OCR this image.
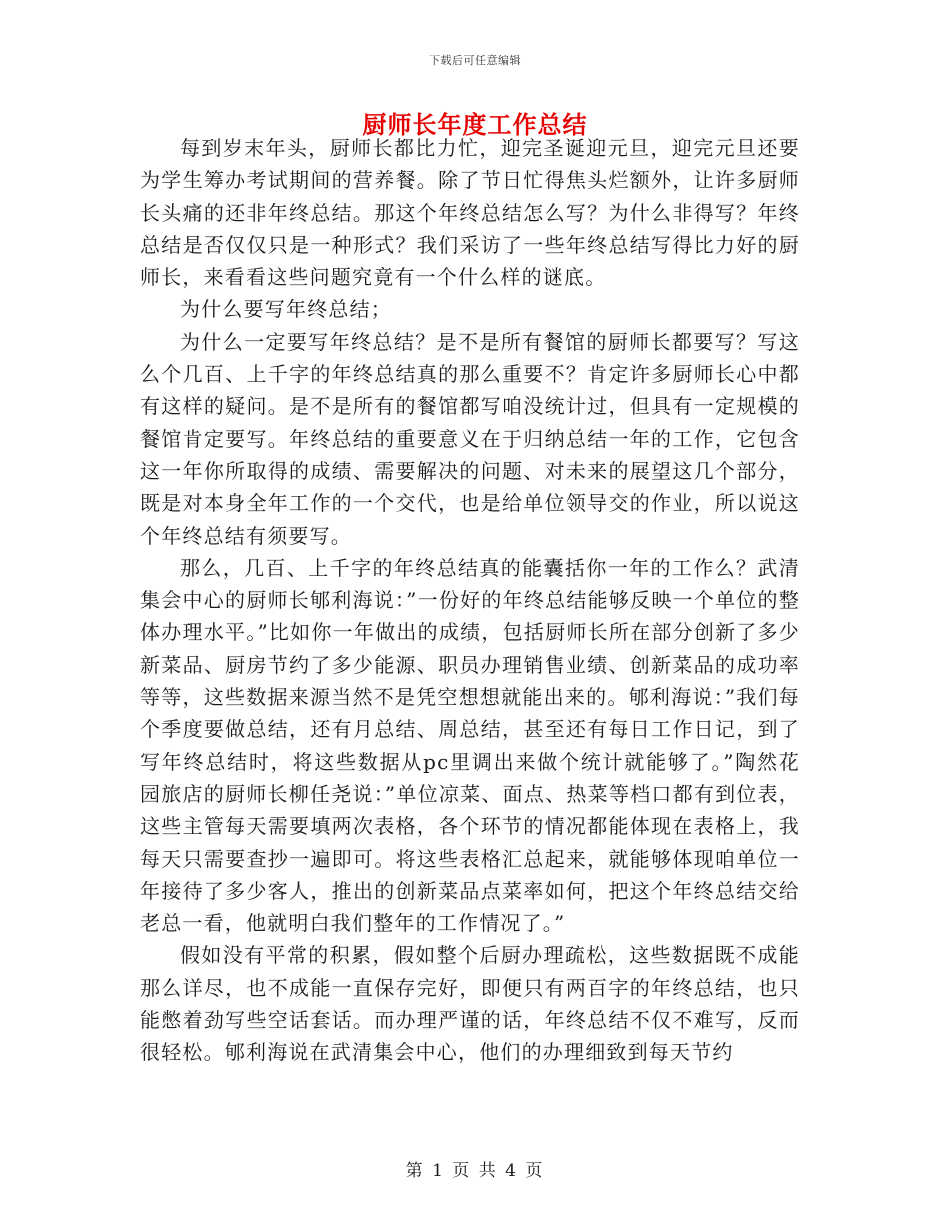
下载后可任意编辑
厨师长年度工作总结

每到岁末年头，厨师长都比力忙，迎完圣诞迎元旦，迎完元旦还要为学生筹办考试期间的营养餐。除了节日忙得焦头烂额外，让许多厨师长头痛的还非年终总结。那这个年终总结怎么写？为什么非得写？年终总结是否仅仅只是一种形式？我们采访了一些年终总结写得比力好的厨师长，来看看这些问题究竟有一个什么样的谜底。

为什么要写年终总结；

为什么一定要写年终总结？是不是所有餐馆的厨师长都要写？写这么个几百、上千字的年终总结真的那么重要不？肯定许多厨师长心中都有这样的疑问。是不是所有的餐馆都写咱没统计过，但具有一定规模的餐馆肯定要写。年终总结的重要意义在于归纳总结一年的工作，它包含这一年你所取得的成绩、需要解决的问题、对未来的展望这几个部分，既是对本身全年工作的一个交代，也是给单位领导交的作业，所以说这个年终总结有须要写。

那么，几百、上千字的年终总结真的能囊括你一年的工作么？武清集会中心的厨师长郇利海说：”一份好的年终总结能够反映一个单位的整体办理水平。”比如你一年做出的成绩，包括厨师长所在部分创新了多少新菜品、厨房节约了多少能源、职员办理销售业绩、创新菜品的成功率等等，这些数据来源当然不是凭空想想就能出来的。郇利海说：”我们每个季度要做总结，还有月总结、周总结，甚至还有每日工作日记，到了写年终总结时，将这些数据从pc里调出来做个统计就能够了。”陶然花园旅店的厨师长柳任尧说：”单位凉菜、面点、热菜等档口都有到位表，这些主管每天需要填两次表格，各个环节的情况都能体现在表格上，我每天只需要查抄一遍即可。将这些表格汇总起来，就能够体现咱单位一年接待了多少客人，推出的创新菜品点菜率如何，把这个年终总结交给老总一看，他就明白我们整年的工作情况了。”

假如没有平常的积累，假如整个后厨办理疏松，这些数据既不成能那么详尽，也不成能一直保存完好，即便只有两百字的年终总结，也只能憋着劲写些空话套话。而办理严谨的话，年终总结不仅不难写，反而很轻松。郇利海说在武清集会中心，他们的办理细致到每天节约

第 1 页 共 4 页
